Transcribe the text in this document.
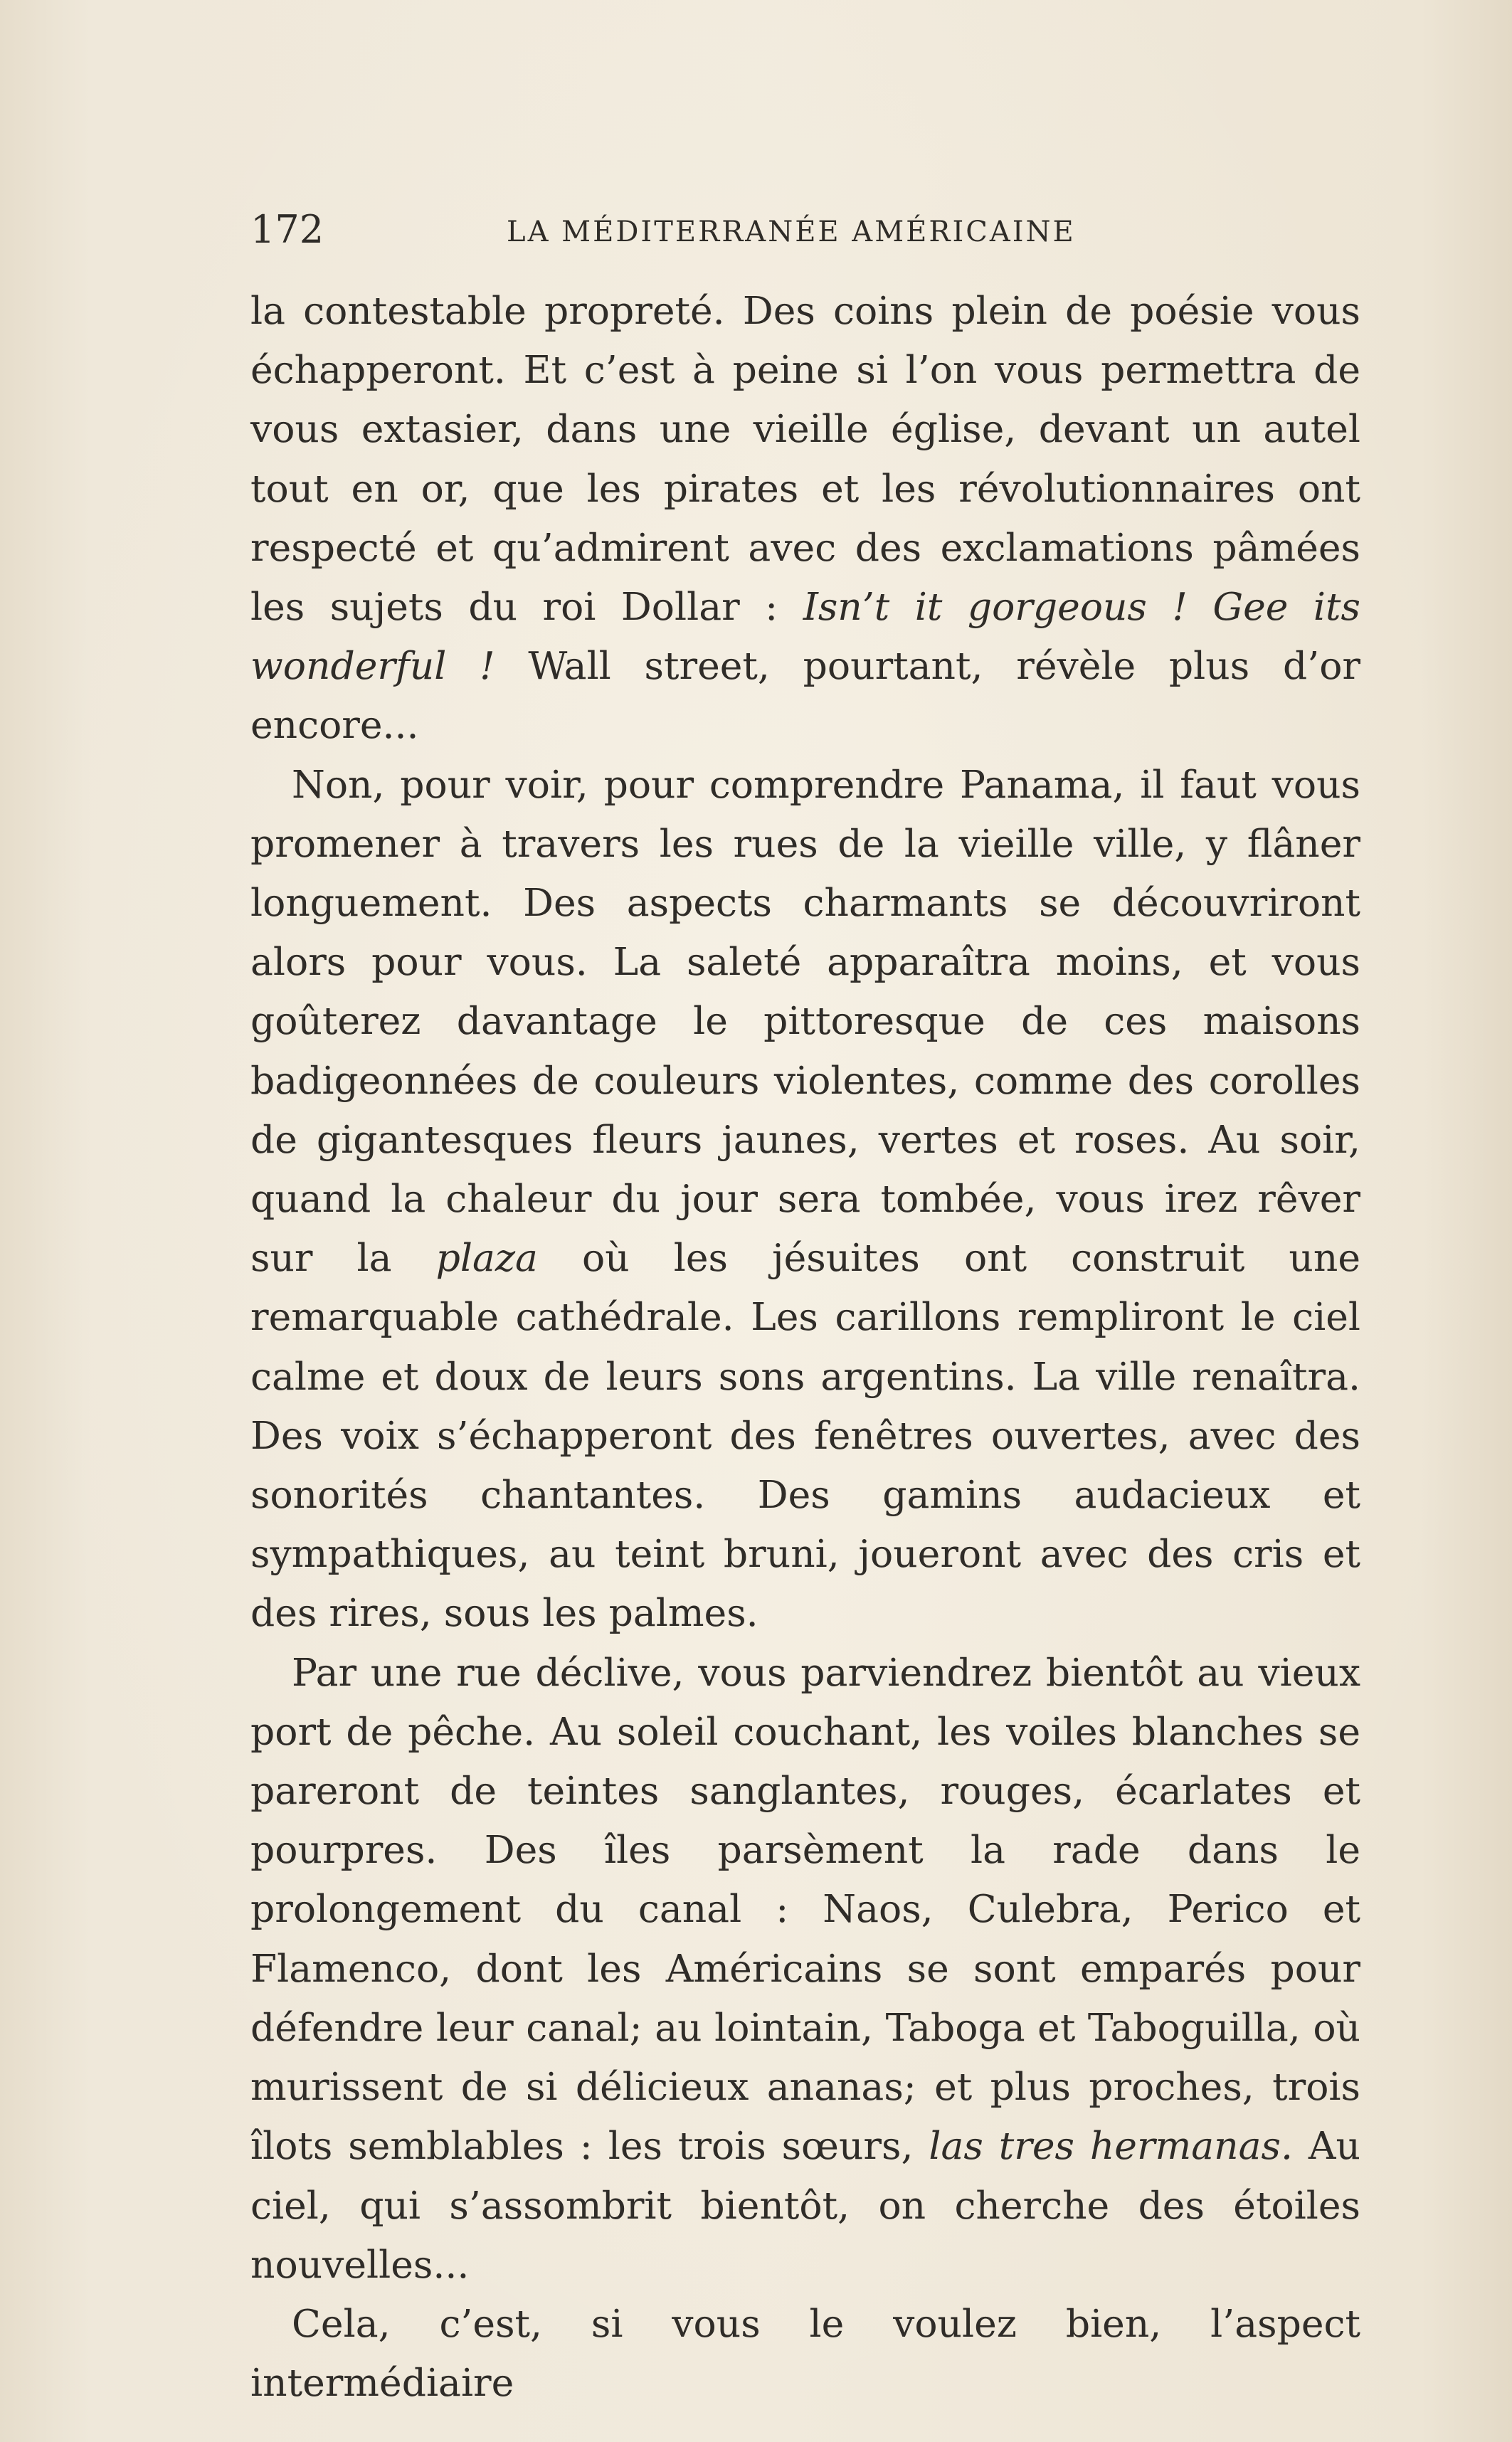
172	LA MÉDITERRANÉE AMÉRICAINE

la contestable propreté. Des coins plein de poésie vous échapperont. Et c’est à peine si l’on vous permettra de vous extasier, dans une vieille église, devant un autel tout en or, que les pirates et les révolutionnaires ont respecté et qu’admirent avec des exclamations pâmées les sujets du roi Dollar : Isn’t it gorgeous ! Gee its wonderful ! Wall street, pourtant, révèle plus d’or encore...

Non, pour voir, pour comprendre Panama, il faut vous promener à travers les rues de la vieille ville, y flâner longuement. Des aspects charmants se découvriront alors pour vous. La saleté apparaîtra moins, et vous goûterez davantage le pittoresque de ces maisons badigeonnées de couleurs violentes, comme des corolles de gigantesques fleurs jaunes, vertes et roses. Au soir, quand la chaleur du jour sera tombée, vous irez rêver sur la plaza où les jésuites ont construit une remarquable cathédrale. Les carillons rempliront le ciel calme et doux de leurs sons argentins. La ville renaîtra. Des voix s’échapperont des fenêtres ouvertes, avec des sonorités chantantes. Des gamins audacieux et sympathiques, au teint bruni, joueront avec des cris et des rires, sous les palmes.

Par une rue déclive, vous parviendrez bientôt au vieux port de pêche. Au soleil couchant, les voiles blanches se pareront de teintes sanglantes, rouges, écarlates et pourpres. Des îles parsèment la rade dans le prolongement du canal : Naos, Culebra, Perico et Flamenco, dont les Américains se sont emparés pour défendre leur canal; au lointain, Taboga et Taboguilla, où murissent de si délicieux ananas; et plus proches, trois îlots semblables : les trois sœurs, las tres hermanas. Au ciel, qui s’assombrit bientôt, on cherche des étoiles nouvelles...

Cela, c’est, si vous le voulez bien, l’aspect intermédiaire
